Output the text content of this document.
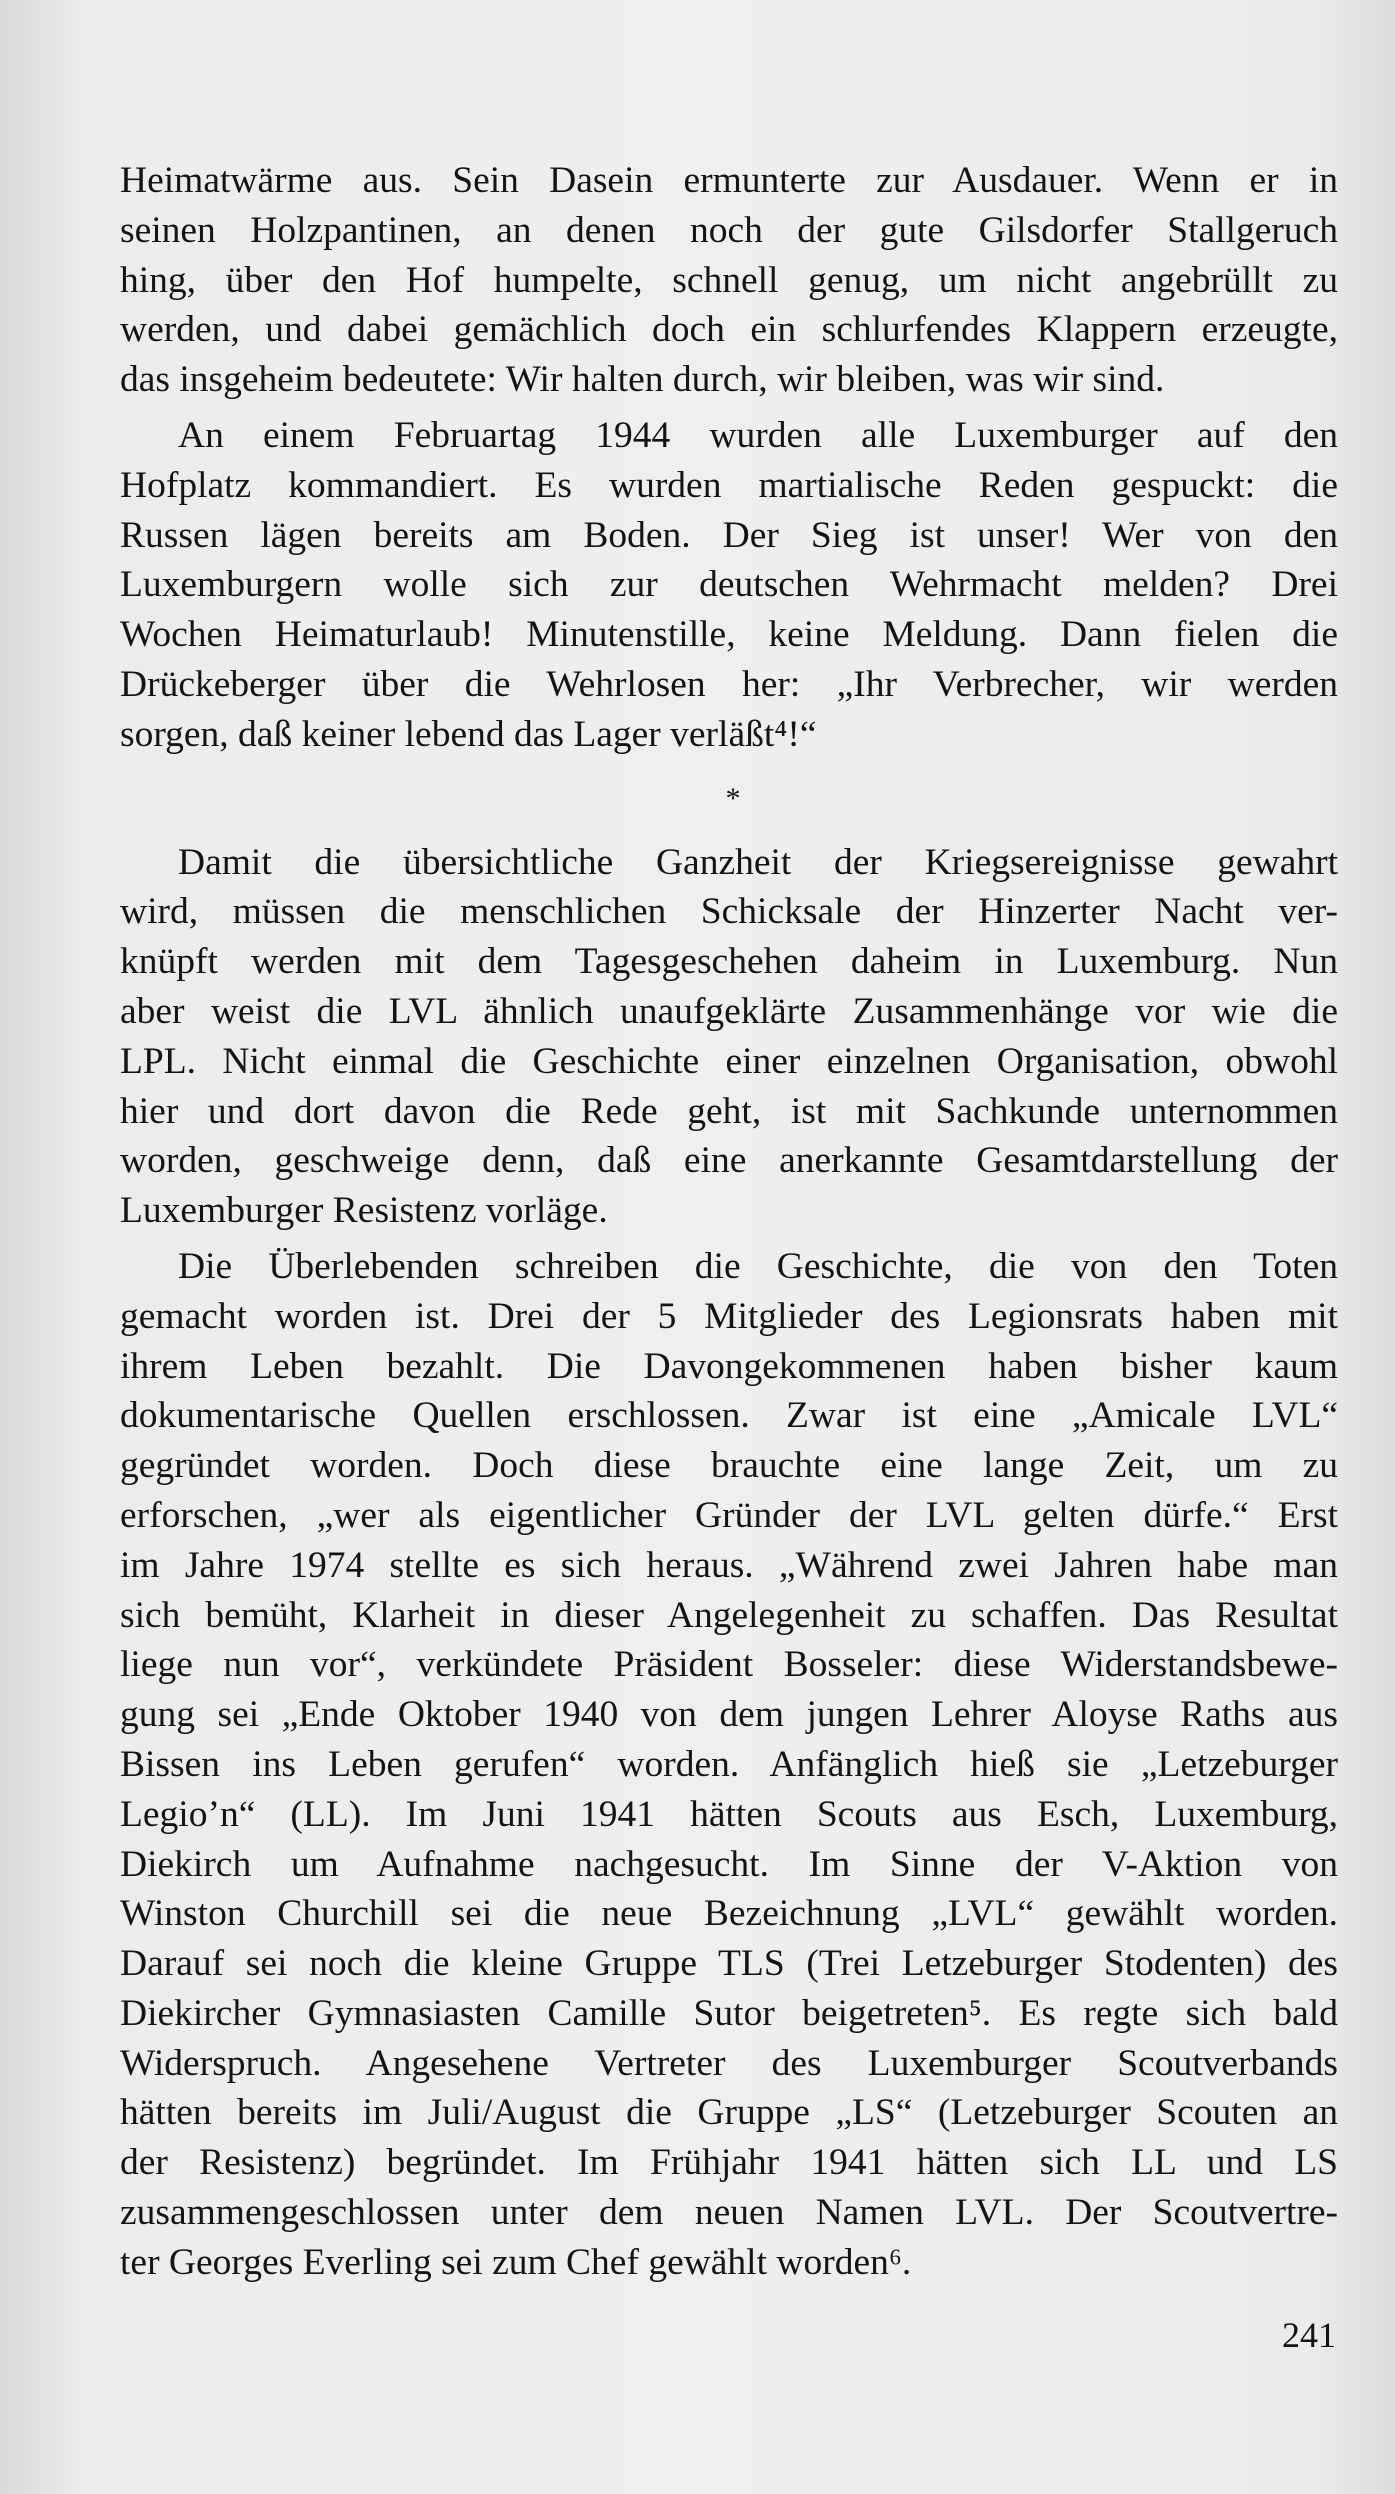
Heimatwärme aus. Sein Dasein ermunterte zur Ausdauer. Wenn er in
seinen Holzpantinen, an denen noch der gute Gilsdorfer Stallgeruch
hing, über den Hof humpelte, schnell genug, um nicht angebrüllt zu
werden, und dabei gemächlich doch ein schlurfendes Klappern erzeugte,
das insgeheim bedeutete: Wir halten durch, wir bleiben, was wir sind.

An einem Februartag 1944 wurden alle Luxemburger auf den
Hofplatz kommandiert. Es wurden martialische Reden gespuckt: die
Russen lägen bereits am Boden. Der Sieg ist unser! Wer von den
Luxemburgern wolle sich zur deutschen Wehrmacht melden? Drei
Wochen Heimaturlaub! Minutenstille, keine Meldung. Dann fielen die
Drückeberger über die Wehrlosen her: „Ihr Verbrecher, wir werden
sorgen, daß keiner lebend das Lager verläßt⁴!“

*

Damit die übersichtliche Ganzheit der Kriegsereignisse gewahrt
wird, müssen die menschlichen Schicksale der Hinzerter Nacht ver-
knüpft werden mit dem Tagesgeschehen daheim in Luxemburg. Nun
aber weist die LVL ähnlich unaufgeklärte Zusammenhänge vor wie die
LPL. Nicht einmal die Geschichte einer einzelnen Organisation, obwohl
hier und dort davon die Rede geht, ist mit Sachkunde unternommen
worden, geschweige denn, daß eine anerkannte Gesamtdarstellung der
Luxemburger Resistenz vorläge.

Die Überlebenden schreiben die Geschichte, die von den Toten
gemacht worden ist. Drei der 5 Mitglieder des Legionsrats haben mit
ihrem Leben bezahlt. Die Davongekommenen haben bisher kaum
dokumentarische Quellen erschlossen. Zwar ist eine „Amicale LVL“
gegründet worden. Doch diese brauchte eine lange Zeit, um zu
erforschen, „wer als eigentlicher Gründer der LVL gelten dürfe.“ Erst
im Jahre 1974 stellte es sich heraus. „Während zwei Jahren habe man
sich bemüht, Klarheit in dieser Angelegenheit zu schaffen. Das Resultat
liege nun vor“, verkündete Präsident Bosseler: diese Widerstandsbewe-
gung sei „Ende Oktober 1940 von dem jungen Lehrer Aloyse Raths aus
Bissen ins Leben gerufen“ worden. Anfänglich hieß sie „Letzeburger
Legio’n“ (LL). Im Juni 1941 hätten Scouts aus Esch, Luxemburg,
Diekirch um Aufnahme nachgesucht. Im Sinne der V-Aktion von
Winston Churchill sei die neue Bezeichnung „LVL“ gewählt worden.
Darauf sei noch die kleine Gruppe TLS (Trei Letzeburger Stodenten) des
Diekircher Gymnasiasten Camille Sutor beigetreten⁵. Es regte sich bald
Widerspruch. Angesehene Vertreter des Luxemburger Scoutverbands
hätten bereits im Juli/August die Gruppe „LS“ (Letzeburger Scouten an
der Resistenz) begründet. Im Frühjahr 1941 hätten sich LL und LS
zusammengeschlossen unter dem neuen Namen LVL. Der Scoutvertre-
ter Georges Everling sei zum Chef gewählt worden⁶.

241
